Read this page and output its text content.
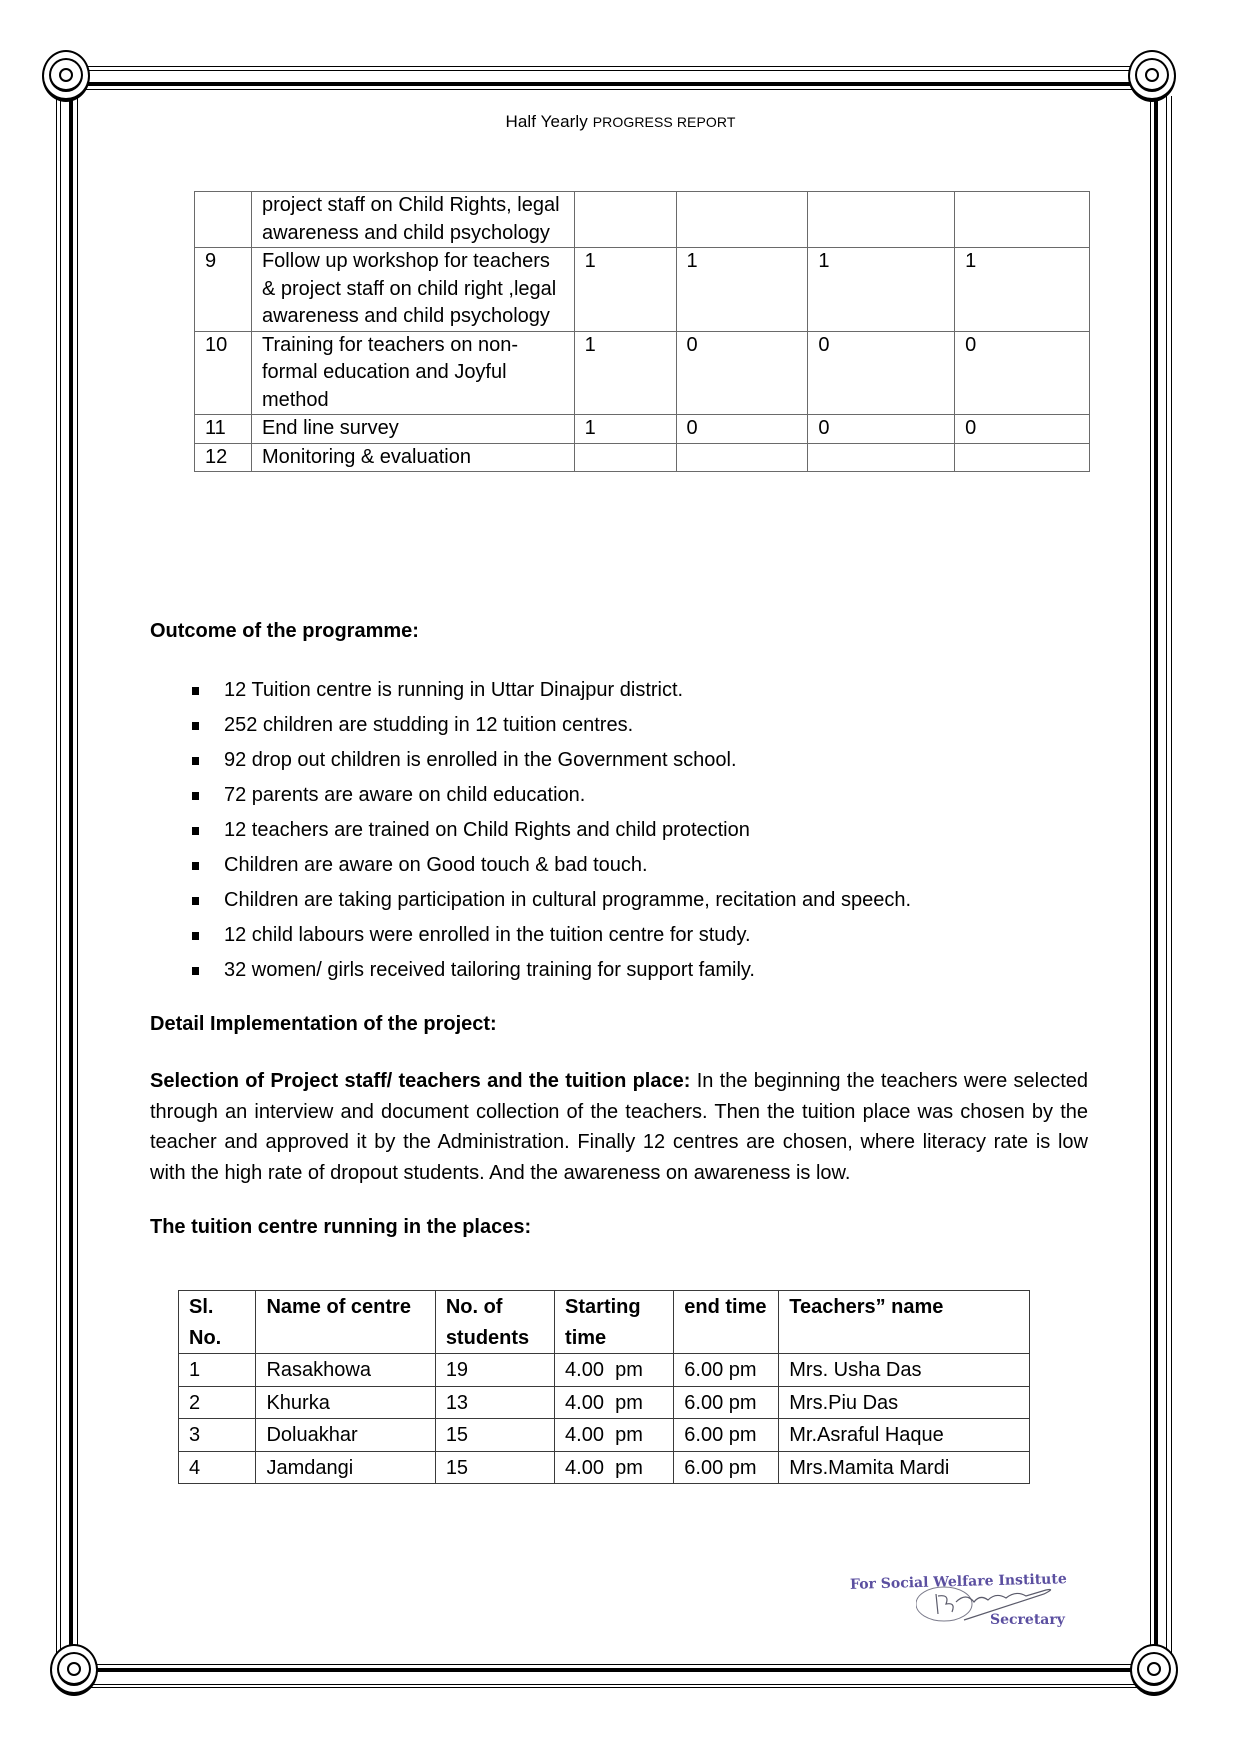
Half Yearly PROGRESS REPORT
	project staff on Child Rights, legal awareness and child psychology				
9	Follow up workshop for teachers & project staff on child right ,legal awareness and child psychology	1	1	1	1
10	Training for teachers on non-formal education and Joyful method	1	0	0	0
11	End line survey	1	0	0	0
12	Monitoring & evaluation				
Outcome of the programme:
12 Tuition centre is running in Uttar Dinajpur district.
252 children are studding in 12 tuition centres.
92 drop out children is enrolled in the Government school.
72 parents are aware on child education.
12 teachers are trained on Child Rights and child protection
Children are aware on Good touch & bad touch.
Children are taking participation in cultural programme, recitation and speech.
12 child labours were enrolled in the tuition centre for study.
32 women/ girls received tailoring training for support family.
Detail Implementation of the project:
Selection of Project staff/ teachers and the tuition place: In the beginning the teachers were selected through an interview and document collection of the teachers. Then the tuition place was chosen by the teacher and approved it by the Administration. Finally 12 centres are chosen, where literacy rate is low with the high rate of dropout students. And the awareness on awareness is low.
The tuition centre running in the places:
Sl. No.	Name of centre	No. of students	Starting time	end time	Teachers” name
1	Rasakhowa	19	4.00  pm	6.00 pm	Mrs. Usha Das
2	Khurka	13	4.00  pm	6.00 pm	Mrs.Piu Das
3	Doluakhar	15	4.00  pm	6.00 pm	Mr.Asraful Haque
4	Jamdangi	15	4.00  pm	6.00 pm	Mrs.Mamita Mardi
For Social Welfare Institute
Secretary
